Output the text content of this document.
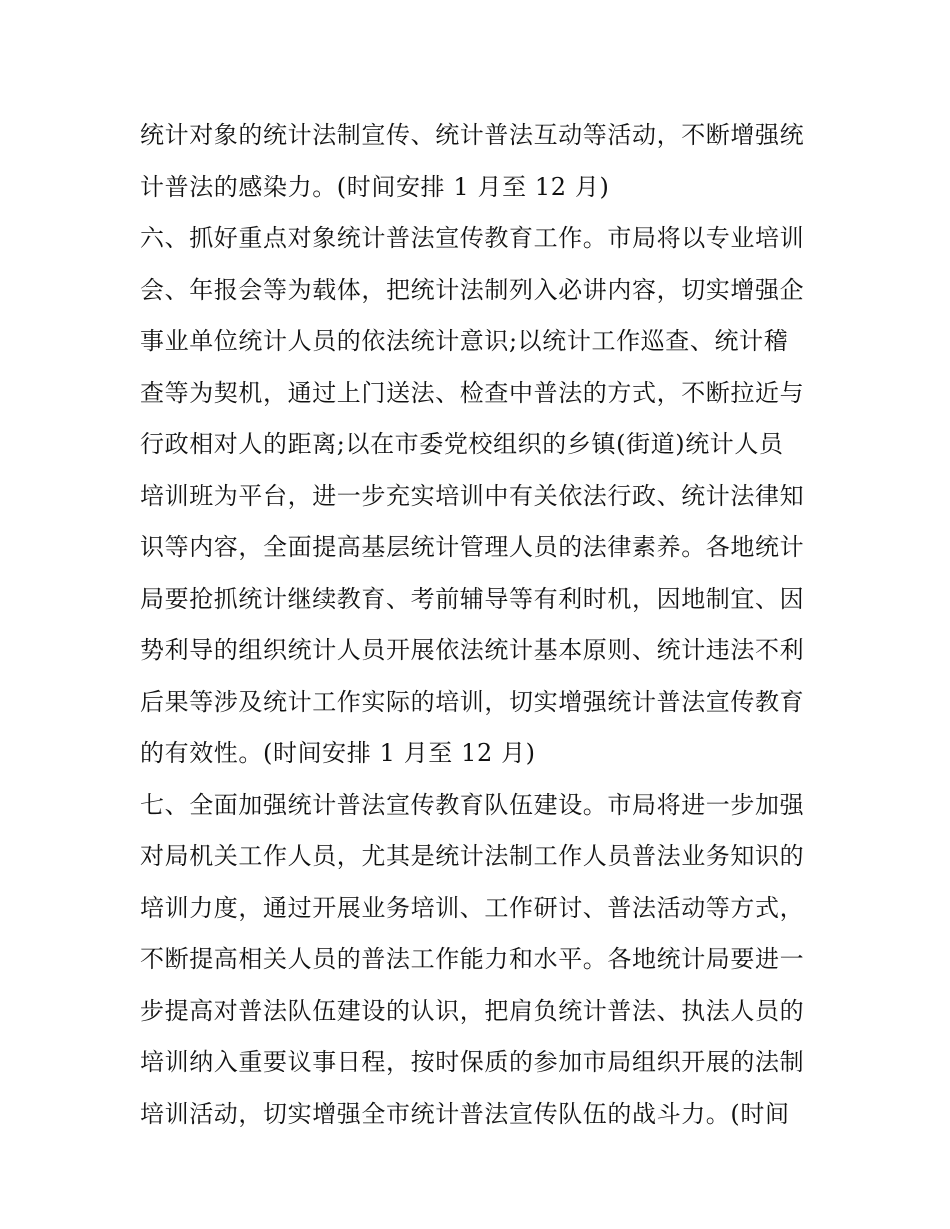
统计对象的统计法制宣传、统计普法互动等活动，不断增强统
计普法的感染力。(时间安排 1 月至 12 月)
六、抓好重点对象统计普法宣传教育工作。市局将以专业培训
会、年报会等为载体，把统计法制列入必讲内容，切实增强企
事业单位统计人员的依法统计意识;以统计工作巡查、统计稽
查等为契机，通过上门送法、检查中普法的方式，不断拉近与
行政相对人的距离;以在市委党校组织的乡镇(街道)统计人员
培训班为平台，进一步充实培训中有关依法行政、统计法律知
识等内容，全面提高基层统计管理人员的法律素养。各地统计
局要抢抓统计继续教育、考前辅导等有利时机，因地制宜、因
势利导的组织统计人员开展依法统计基本原则、统计违法不利
后果等涉及统计工作实际的培训，切实增强统计普法宣传教育
的有效性。(时间安排 1 月至 12 月)
七、全面加强统计普法宣传教育队伍建设。市局将进一步加强
对局机关工作人员，尤其是统计法制工作人员普法业务知识的
培训力度，通过开展业务培训、工作研讨、普法活动等方式，
不断提高相关人员的普法工作能力和水平。各地统计局要进一
步提高对普法队伍建设的认识，把肩负统计普法、执法人员的
培训纳入重要议事日程，按时保质的参加市局组织开展的法制
培训活动，切实增强全市统计普法宣传队伍的战斗力。(时间
